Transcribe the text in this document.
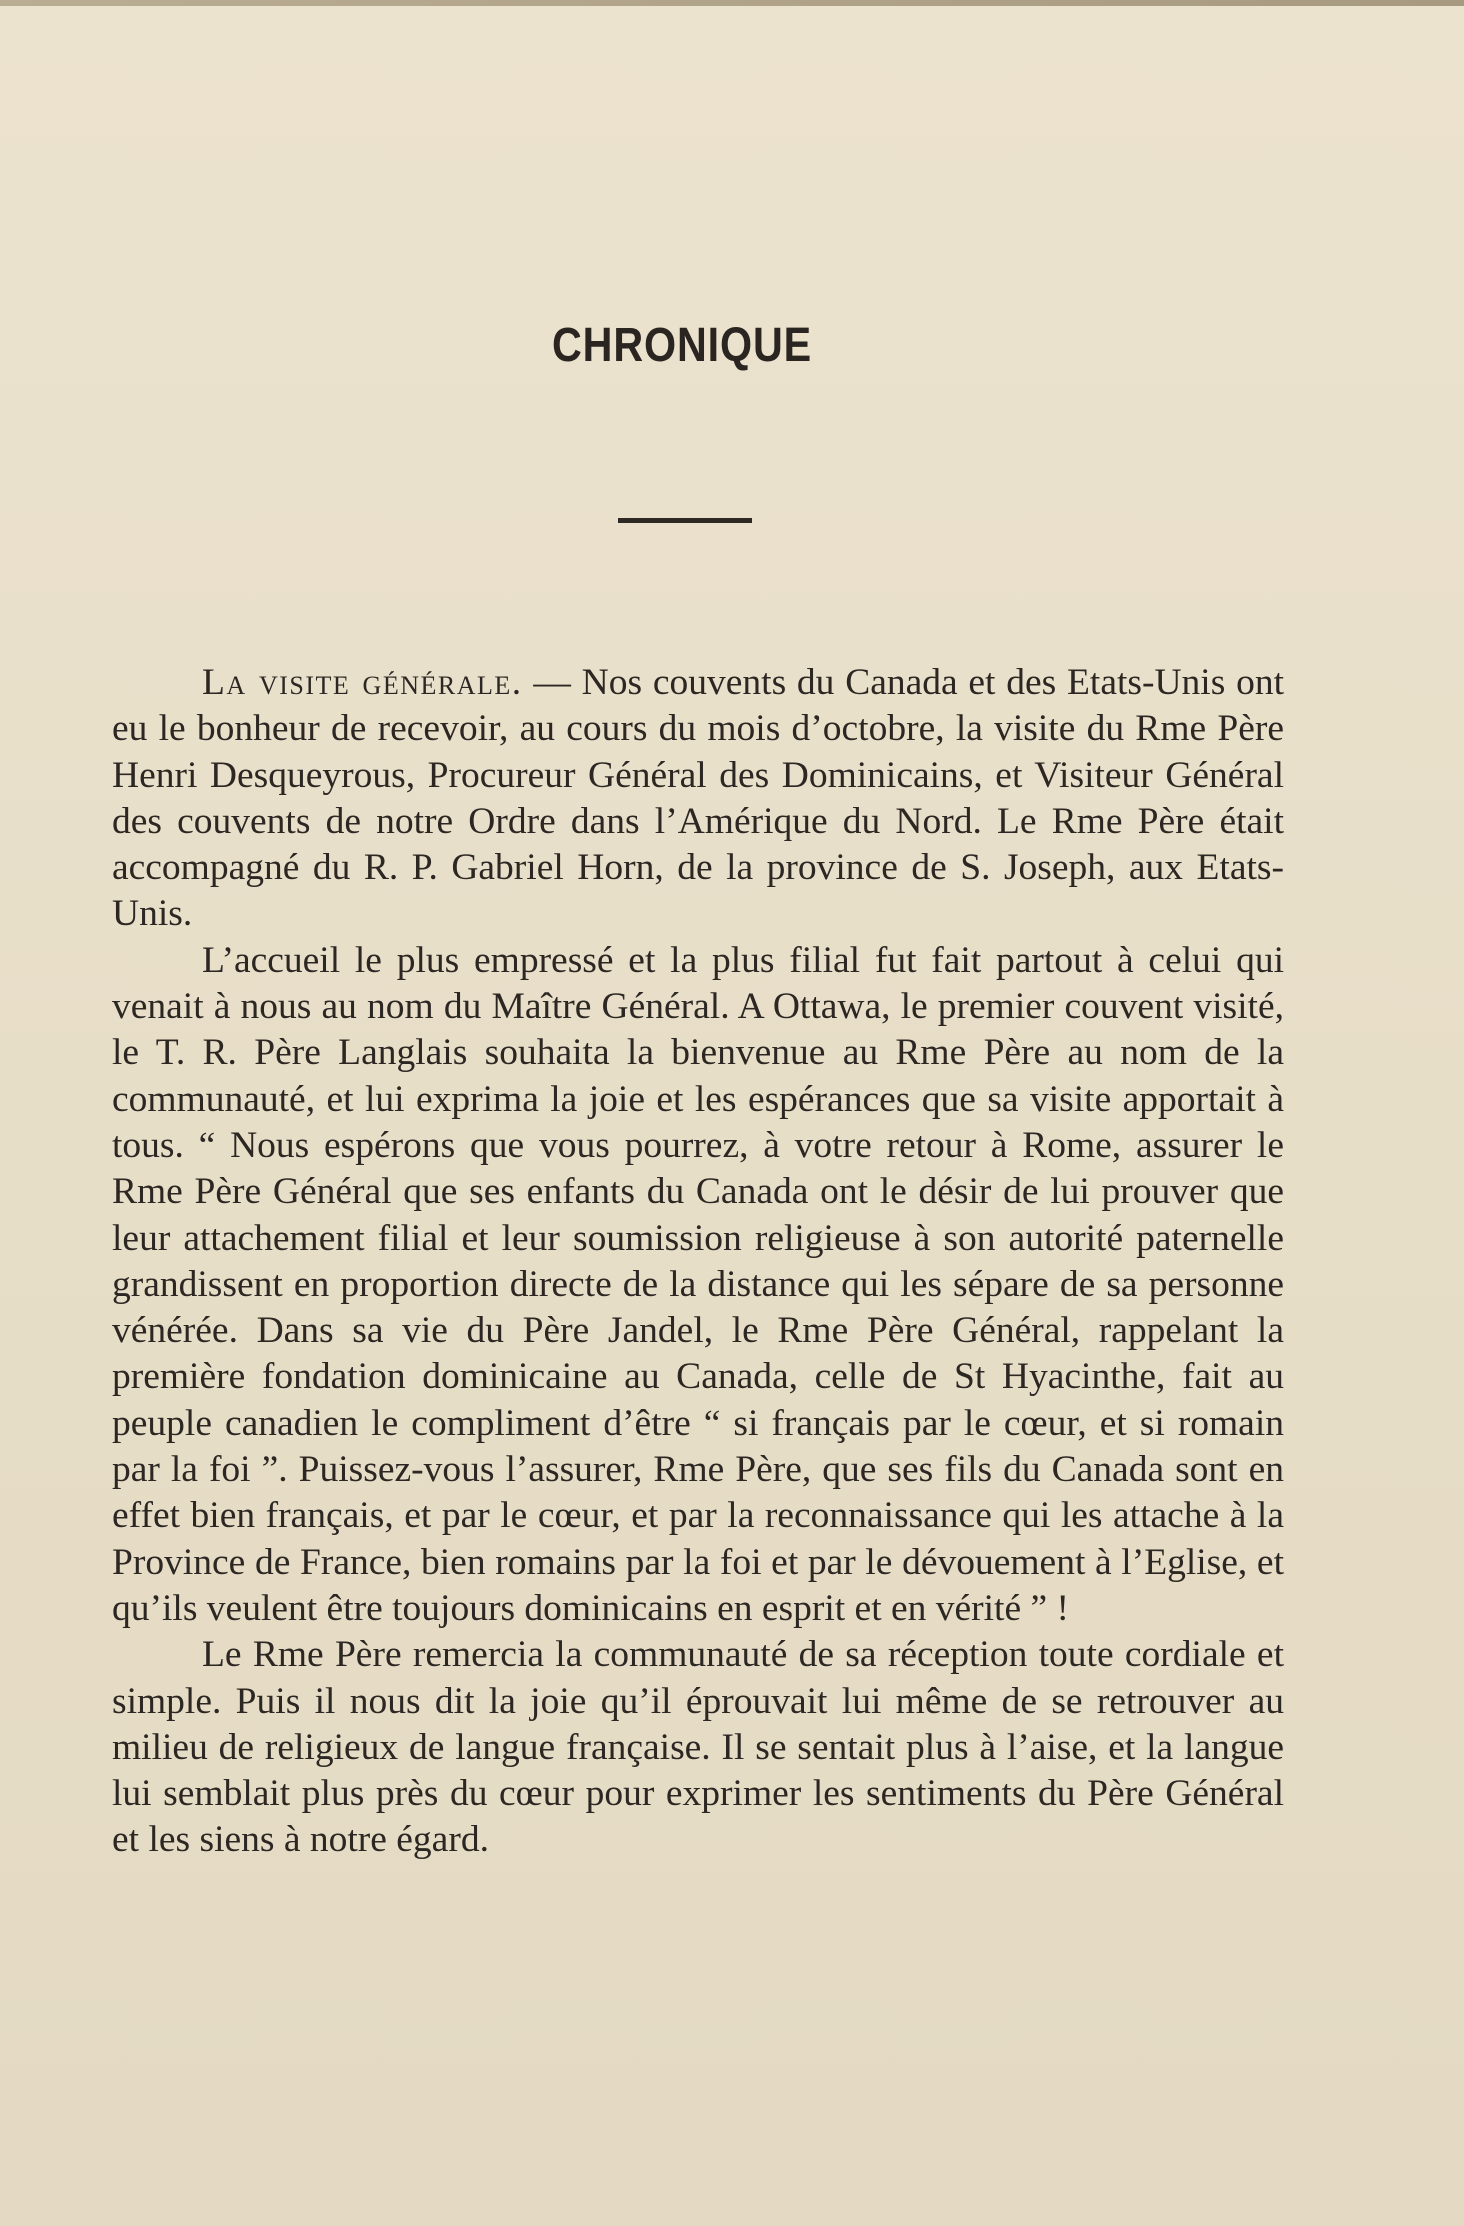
CHRONIQUE

La visite générale. — Nos couvents du Canada et des Etats-Unis ont eu le bonheur de recevoir, au cours du mois d’octobre, la visite du Rme Père Henri Desqueyrous, Procureur Général des Dominicains, et Visiteur Général des couvents de notre Ordre dans l’Amérique du Nord. Le Rme Père était accompagné du R. P. Gabriel Horn, de la province de S. Joseph, aux Etats-Unis.

L’accueil le plus empressé et la plus filial fut fait partout à celui qui venait à nous au nom du Maître Général. A Ottawa, le premier couvent visité, le T. R. Père Langlais souhaita la bienvenue au Rme Père au nom de la communauté, et lui exprima la joie et les espérances que sa visite apportait à tous. “ Nous espérons que vous pourrez, à votre retour à Rome, assurer le Rme Père Général que ses enfants du Canada ont le désir de lui prouver que leur attachement filial et leur soumission religieuse à son autorité paternelle grandissent en proportion directe de la distance qui les sépare de sa personne vénérée. Dans sa vie du Père Jandel, le Rme Père Général, rappelant la première fondation dominicaine au Canada, celle de St Hyacinthe, fait au peuple canadien le compliment d’être “ si français par le cœur, et si romain par la foi ”. Puissez-vous l’assurer, Rme Père, que ses fils du Canada sont en effet bien français, et par le cœur, et par la reconnaissance qui les attache à la Province de France, bien romains par la foi et par le dévouement à l’Eglise, et qu’ils veulent être toujours dominicains en esprit et en vérité ” !

Le Rme Père remercia la communauté de sa réception toute cordiale et simple. Puis il nous dit la joie qu’il éprouvait lui même de se retrouver au milieu de religieux de langue française. Il se sentait plus à l’aise, et la langue lui semblait plus près du cœur pour exprimer les sentiments du Père Général et les siens à notre égard.
